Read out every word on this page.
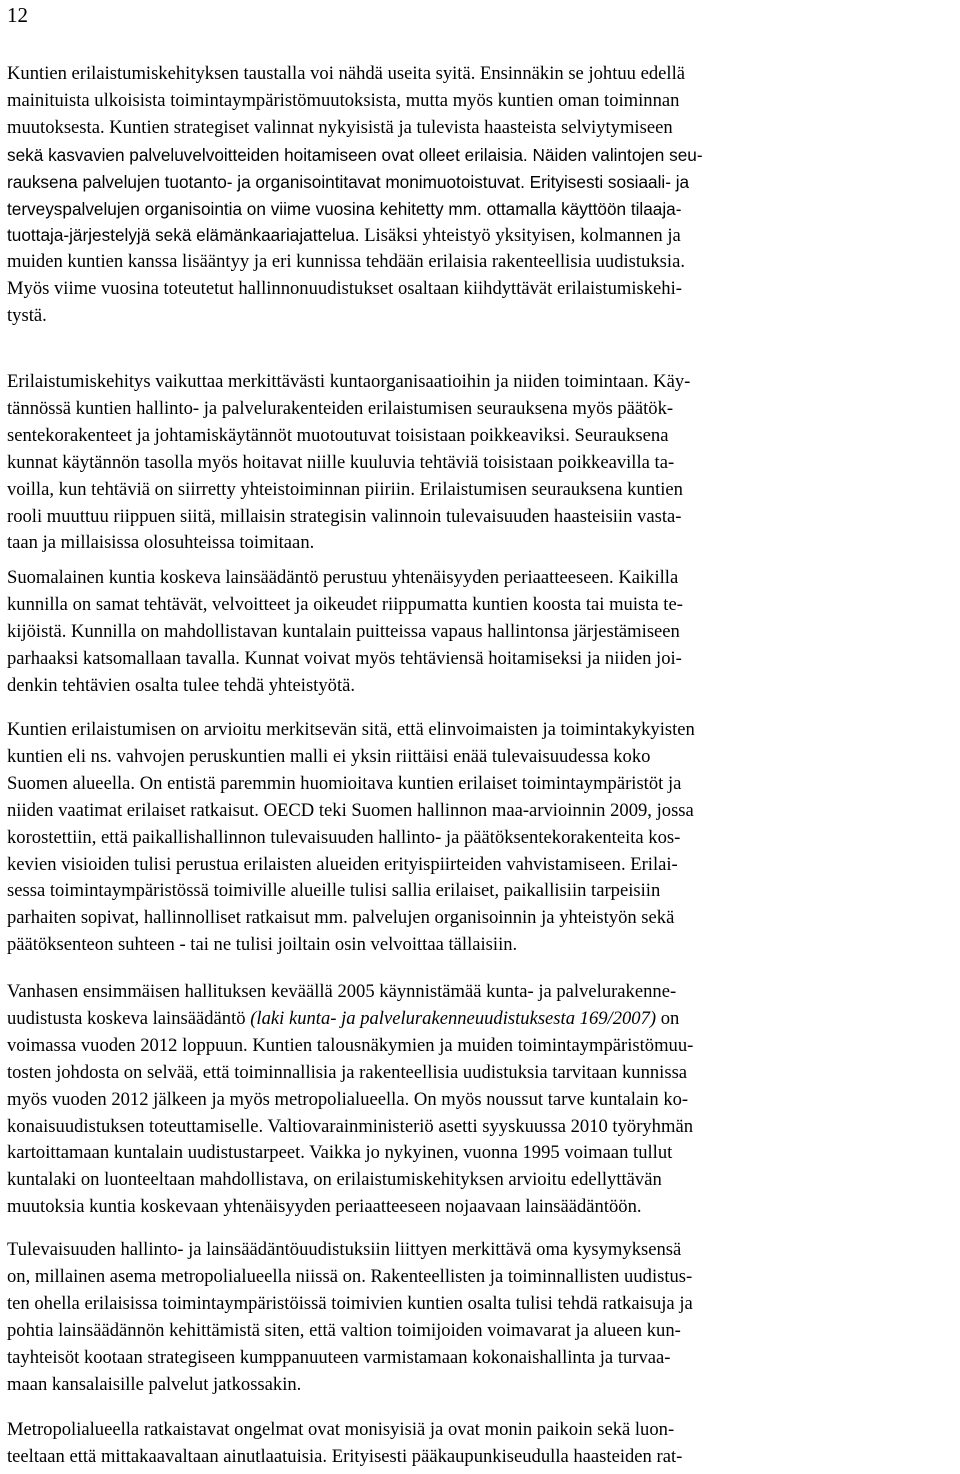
12
Kuntien erilaistumiskehityksen taustalla voi nähdä useita syitä. Ensinnäkin se johtuu edellä
mainituista ulkoisista toimintaympäristömuutoksista, mutta myös kuntien oman toiminnan
muutoksesta. Kuntien strategiset valinnat nykyisistä ja tulevista haasteista selviytymiseen
sekä kasvavien palveluvelvoitteiden hoitamiseen ovat olleet erilaisia. Näiden valintojen seu-
rauksena palvelujen tuotanto- ja organisointitavat monimuotoistuvat. Erityisesti sosiaali- ja
terveyspalvelujen organisointia on viime vuosina kehitetty mm. ottamalla käyttöön tilaaja-
tuottaja-järjestelyjä sekä elämänkaariajattelua. Lisäksi yhteistyö yksityisen, kolmannen ja
muiden kuntien kanssa lisääntyy ja eri kunnissa tehdään erilaisia rakenteellisia uudistuksia.
Myös viime vuosina toteutetut hallinnonuudistukset osaltaan kiihdyttävät erilaistumiskehi-
tystä.
Erilaistumiskehitys vaikuttaa merkittävästi kuntaorganisaatioihin ja niiden toimintaan. Käy-
tännössä kuntien hallinto- ja palvelurakenteiden erilaistumisen seurauksena myös päätök-
sentekorakenteet ja johtamiskäytännöt muotoutuvat toisistaan poikkeaviksi. Seurauksena
kunnat käytännön tasolla myös hoitavat niille kuuluvia tehtäviä toisistaan poikkeavilla ta-
voilla, kun tehtäviä on siirretty yhteistoiminnan piiriin. Erilaistumisen seurauksena kuntien
rooli muuttuu riippuen siitä, millaisin strategisin valinnoin tulevaisuuden haasteisiin vasta-
taan ja millaisissa olosuhteissa toimitaan.
Suomalainen kuntia koskeva lainsäädäntö perustuu yhtenäisyyden periaatteeseen. Kaikilla
kunnilla on samat tehtävät, velvoitteet ja oikeudet riippumatta kuntien koosta tai muista te-
kijöistä. Kunnilla on mahdollistavan kuntalain puitteissa vapaus hallintonsa järjestämiseen
parhaaksi katsomallaan tavalla. Kunnat voivat myös tehtäviensä hoitamiseksi ja niiden joi-
denkin tehtävien osalta tulee tehdä yhteistyötä.
Kuntien erilaistumisen on arvioitu merkitsevän sitä, että elinvoimaisten ja toimintakykyisten
kuntien eli ns. vahvojen peruskuntien malli ei yksin riittäisi enää tulevaisuudessa koko
Suomen alueella. On entistä paremmin huomioitava kuntien erilaiset toimintaympäristöt ja
niiden vaatimat erilaiset ratkaisut. OECD teki Suomen hallinnon maa-arvioinnin 2009, jossa
korostettiin, että paikallishallinnon tulevaisuuden hallinto- ja päätöksentekorakenteita kos-
kevien visioiden tulisi perustua erilaisten alueiden erityispiirteiden vahvistamiseen. Erilai-
sessa toimintaympäristössä toimiville alueille tulisi sallia erilaiset, paikallisiin tarpeisiin
parhaiten sopivat, hallinnolliset ratkaisut mm. palvelujen organisoinnin ja yhteistyön sekä
päätöksenteon suhteen - tai ne tulisi joiltain osin velvoittaa tällaisiin.
Vanhasen ensimmäisen hallituksen keväällä 2005 käynnistämää kunta- ja palvelurakenne-
uudistusta koskeva lainsäädäntö (laki kunta- ja palvelurakenneuudistuksesta 169/2007) on
voimassa vuoden 2012 loppuun. Kuntien talousnäkymien ja muiden toimintaympäristömuu-
tosten johdosta on selvää, että toiminnallisia ja rakenteellisia uudistuksia tarvitaan kunnissa
myös vuoden 2012 jälkeen ja myös metropolialueella. On myös noussut tarve kuntalain ko-
konaisuudistuksen toteuttamiselle. Valtiovarainministeriö asetti syyskuussa 2010 työryhmän
kartoittamaan kuntalain uudistustarpeet. Vaikka jo nykyinen, vuonna 1995 voimaan tullut
kuntalaki on luonteeltaan mahdollistava, on erilaistumiskehityksen arvioitu edellyttävän
muutoksia kuntia koskevaan yhtenäisyyden periaatteeseen nojaavaan lainsäädäntöön.
Tulevaisuuden hallinto- ja lainsäädäntöuudistuksiin liittyen merkittävä oma kysymyksensä
on, millainen asema metropolialueella niissä on. Rakenteellisten ja toiminnallisten uudistus-
ten ohella erilaisissa toimintaympäristöissä toimivien kuntien osalta tulisi tehdä ratkaisuja ja
pohtia lainsäädännön kehittämistä siten, että valtion toimijoiden voimavarat ja alueen kun-
tayhteisöt kootaan strategiseen kumppanuuteen varmistamaan kokonaishallinta ja turvaa-
maan kansalaisille palvelut jatkossakin.
Metropolialueella ratkaistavat ongelmat ovat monisyisiä ja ovat monin paikoin sekä luon-
teeltaan että mittakaavaltaan ainutlaatuisia. Erityisesti pääkaupunkiseudulla haasteiden rat-
